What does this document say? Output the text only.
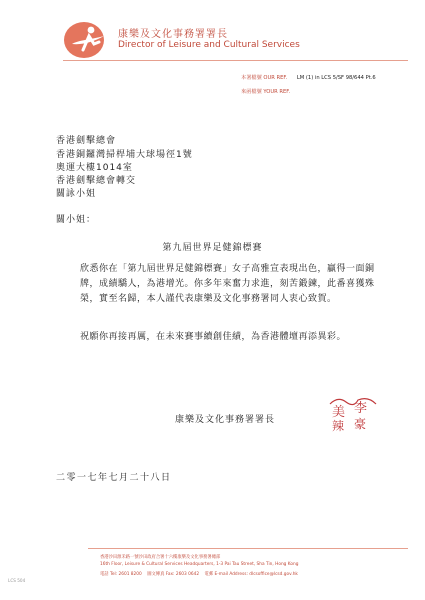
康樂及文化事務署署長
Director of Leisure and Cultural Services
本署檔號 OUR REF. LM (1) in LCS 5/SF 98/644 Pt.6
來函檔號 YOUR REF.
香港劍擊總會
香港銅鑼灣掃桿埔大球場徑1號
奧運大樓1014室
香港劍擊總會轉交
關詠小姐
關小姐：
第九屆世界足健錦標賽
欣悉你在「第九屆世界足健錦標賽」女子高雅宣表現出色，贏得一面銅牌，成績驕人，為港增光。你多年來奮力求進，刻苦鍛鍊，此番喜獲殊榮，實至名歸，本人謹代表康樂及文化事務署同人衷心致賀。
祝願你再接再厲，在未來賽事續創佳績，為香港體壇再添異彩。
康樂及文化事務署署長	美 李
辣 豪
二零一七年七月二十八日
香港沙田源禾路一號沙田政府合署十六樓康樂及文化事務署總部
16th Floor, Leisure & Cultural Services Headquarters, 1-3 Pai Tau Street, Sha Tin, Hong Kong
電話 Tel: 2601 8200 圖文傳真 Fax: 2603 0642 電郵 E-mail Address: dlcsoffice@lcsd.gov.hk
LCS 504
